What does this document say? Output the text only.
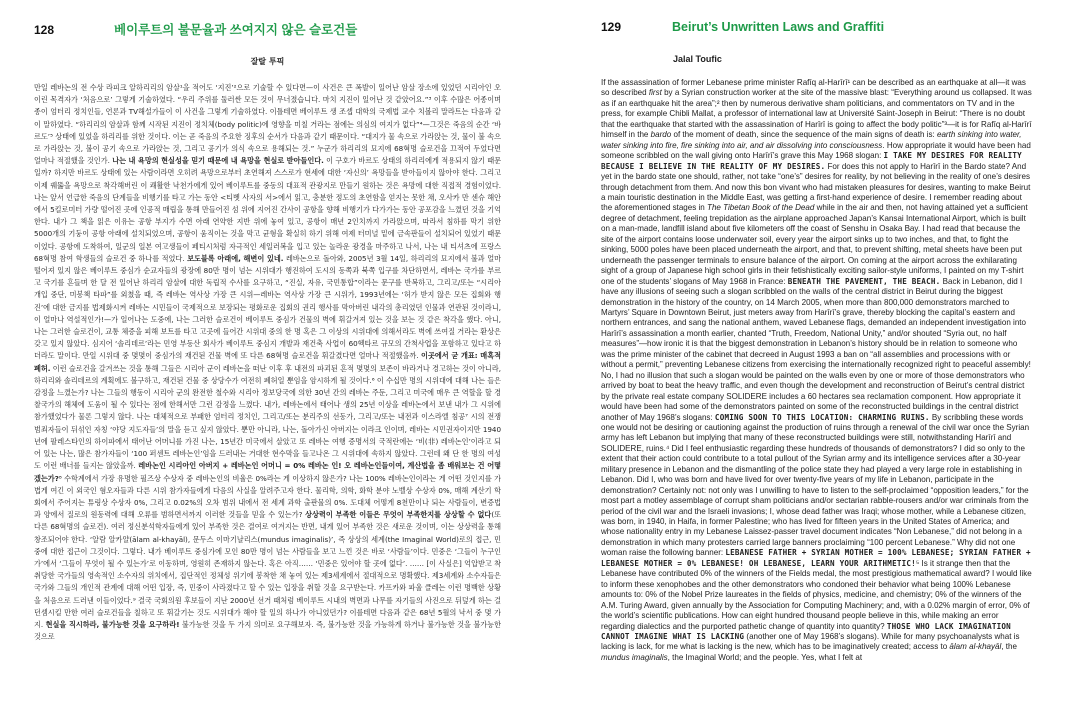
128	베이루트의 불문율과 쓰여지지 않은 슬로건들
잘랄 투픽
만일 레바논의 전 수상 라피크 알하리리의 암살¹을 적어도 ‘지진’²으로 기술할 수 있다면—이 사건은 큰 폭발이 일어난 암살 장소에 있었던 시리아인 오이린 목격자가 ‘처음으로’ 그렇게 기술하였다. “우리 주위를 둘러싼 모든 것이 무너졌습니다. 마치 지진이 일어난 것 같았어요.”³ 이후 수많은 어종이며종이 엄터리 정치인들, 언론과 TV해설가들이 이 사건을 그렇게 기술하였다. 이틀테면 베이루트 생 조셉 대학의 국제법 교수 치볼리 말라트는 다음과 같이 말하였다. “하리리의 암살과 함께 시작된 지진이 정치체(body politic)에 영향을 미칠 거라는 점에는 의심의 여지가 없다”⁴—그것은 죽음의 순간 ‘바르도’⁵ 상태에 있었을 하리리를 위한 것이다. 이는 곧 죽음의 주요한 징후의 순서가 다음과 같기 때문이다. “대지가 물 속으로 가라앉는 것, 물이 불 속으로 가라앉는 것, 불이 공기 속으로 가라앉는 것, 그리고 공기가 의식 속으로 용해되는 것.” 누군가 하리리의 묘지에 68혁명 슬로건을 끄적여 두었다면 얼마나 적절했을 것인가. 나는 내 욕망의 현실성을 믿기 때문에 내 욕망을 현실로 받아들인다. 이 구호가 바르도 상태의 하리리에게 적용되지 않기 때문일까? 하지만 바르도 상태에 있는 사람이라면 오히려 욕망으로부터 초연해져 스스로가 현세에 대한 ‘자신의’ 욕망들을 받아들이지 않아야 한다. 그리고 이제 꿰뚫을 욕망으로 착각해버린 이 쾌활한 낙천가에게 있어 베이루트를 중동의 대표적 관광지로 만들기 원하는 것은 욕망에 대한 직접적 경험이었다. 나는 앞서 언급한 죽음의 단계들을 비행기를 타고 가는 동안 <티벳 사자의 서>에서 읽고, 충분한 정도의 초연함을 얻지는 못한 채, 오사카 만 센슈 해안에서 5킬로미터 가량 떨어진 곳에 인공적 매립을 통해 만들어진 섬 위에 지어진 간사이 공항을 향해 비행기가 다가가는 동안 공포감을 느꼈던 것을 기억한다. 내가 그 책을 읽은 이유는 공항 부지가 수면 아래 연약한 지반 위에 놓여 있고, 공항이 매년 2인치까지 가라앉으며, 따라서 침하를 막기 위한 5000개의 기둥이 공항 아래에 설치되었으며, 공항이 움직이는 것을 막고 균형을 확실히 하기 위해 여제 터미널 밑에 금속판들이 설치되어 있었기 때문이었다. 공항에 도착하여, 일군의 일본 여고생들이 페티시처럼 자극적인 세일러복을 입고 있는 놀라운 광경을 마주하고 나서, 나는 내 티셔츠에 프랑스 68혁명 참여 학생들의 슬로건 중 하나를 적었다. 보도블록 아래에, 해변이 있네. 레바논으로 돌아와, 2005년 3월 14일, 하리리의 묘지에서 불과 얼마 떨어져 있지 않은 베이루트 중심가 순교자들의 광장에 80만 명이 넘는 시위대가 행진하여 도시의 동쪽과 북쪽 입구를 차단하면서, 레바논 국가를 부르고 국기를 흔들며 한 달 전 일어난 하리리 암살에 대한 독립적 수사를 요구하고, “진실, 자유, 국민통합”이라는 문구를 반복하고, 그리고/또는 “시리아 개입 중단, 미봉책 타파”를 외쳤을 때, 즉 레바논 역사상 가장 큰 시위—레바논 역사상 가장 큰 시위가, 1993년에는 ‘허가 받지 않은 모든 집회와 행진’에 대한 금지를 법제화시켜 레바논 시민들이 국제적으로 보장되는 평화로운 집회의 권리 행사를 막아버린 내각의 총리였던 인물과 연관된 것이라니, 이 얼마나 역설적인가!—가 일어나는 도중에, 나는 그러한 슬로건이 베이루트 중심가 건물의 벽에 휘갈겨져 있는 것을 보는 것 같은 착각을 했다. 아니, 나는 그러한 슬로건이, 교통 체증을 피해 보트를 타고 고곳에 들어간 시위대 중의 한 명 혹은 그 이상의 시위대에 의해서라도 벽에 쓰여질 거라는 환상은 갖고 있지 않았다. 심지어 ‘솔리데르’라는 민영 부동산 회사가 베이루트 중심지 개발과 재건축 사업이 60헥타르 규모의 간척사업을 포함하고 있다고 하더라도 말이다. 만일 시위대 중 몇몇이 중심가의 재건된 건물 벽에 또 다른 68혁명 슬로건을 휘갈겼다면 얼마나 적절했을까. 이곳에서 굳 개표: 매혹적 폐허. 이런 슬로건을 갈겨쓰는 것을 통해 그들은 시리아 군이 레바논을 떠난 이후 후 내전의 파괴된 흔적 몇몇의 보존이 바라거나 경고하는 것이 아니라, 하리리와 솔리데르의 계획에도 불구하고, 재건된 건물 중 상당수가 여전히 폐허일 뿐임을 암시하게 될 것이다.⁶ 이 수십만 명의 시위대에 대해 나는 들은 감정을 느꼈는가? 나는 그들의 행동이 시리아 군의 완전한 철수와 시리아 정보당국에 의한 30년 간의 레바논 주둔, 그리고 미국에 매우 큰 역할을 할 경찰국가의 해체에 도움이 될 수 있다는 점에 한해서만 그런 감정을 느꼈다. 내가, 레바논에서 태어나 생의 25년 이상을 레바논에서 보낸 내가 그 시위에 참가했었다가 물론 그렇지 않다. 나는 대체적으로 부패한 엄터리 정치인, 그리고/또는 분리주의 선동가, 그리고/또는 내전과 이스라엘 침공⁷ 시의 전쟁 범죄자들이 뒤섞인 자칭 ‘야당 지도자들’의 말을 듣고 싶지 않았다. 뿐만 아니라, 나는, 돌아가신 아버지는 이라크 인이며, 레바논 시민권자이지만 1940년에 팔레스타인의 하이파에서 태어난 어머니를 가진 나는, 15년간 미국에서 살았고 또 레바논 여행 증명서의 국적란에는 ‘비(非) 레바논인’이라고 되어 있는 나는, 많은 참가자들이 ‘100 퍼센트 레바논인’임을 드러내는 거대한 현수막을 들고나온 그 시위대에 속하지 않았다. 그런데 왜 단 한 명의 여성도 이런 배너를 들지는 않았을까. 레바논인 시리아인 아버지 + 레바논인 어머니 = 0% 레바논 인! 오 레바논인들이여, 계산법을 좀 배워보는 건 어떻겠는가?⁸ 수학계에서 가장 유명한 필즈상 수상자 중 레바논인의 비율은 0%라는 게 이상하지 않은가? 나는 100% 레바논인이라는 게 어떤 것인지를 가볍게 여긴 이 외국인 혐오자들과 다른 시위 참가자들에게 다음의 사실을 알려주고자 한다. 물리학, 의학, 화학 분야 노벨상 수상자 0%, 매해 계산기 학회에서 주어지는 튜링상 수상자 0%, 그리고 0.02%의 오차 범위 내에서 전 세계 과학 출판물의 0%. 도대체 어떻게 8천만이나 되는 사람들이, 변증법과 양에서 질로의 원동력에 대해 오류를 범하면서까지 이러한 것들을 믿을 수 있는가? 상상력이 부족한 이들은 무엇이 부족한지를 상상할 수 없다(또 다른 68혁명의 슬로건). 여러 정신분석학자들에게 있어 부족한 것은 결여로 여겨지는 반면, 내게 있어 부족한 것은 새로운 것이며, 이는 상상력을 통해 창조되어야 한다. ‘알람 알카얄(ālam al-khayāl), 문두스 이마기날리스(mundus imaginalis)’, 즉 상상의 세계(the Imaginal World)로의 접근, 민중에 대한 접근이 그것이다. 그렇다. 내가 베이루트 중심가에 모인 80만 명이 넘는 사람들을 보고 느낀 것은 바로 ‘사람들’이다. 민중은 ‘그들이 누구인가’에서 ‘그들이 무엇이 될 수 있는가’로 이동하며, 영원히 존재하지 않는다. 혹은 아직…… ‘민중은 있어야 할 곳에 없다’. …… [이 사실은] 억압받고 착취당한 국가들의 영속적인 소수자의 위치에서, 집단적인 정체성 위기에 봉착한 채 놓여 있는 제3세계에서 절대적으로 명확했다. 제3세계와 소수자들은 국가와 그들의 개인적 관계에 대해 어떤 입장, 즉, 민중이 사라졌다고 할 수 있는 입장을 취할 것을 요구받는다. 카프카와 파울 클레는 이런 명백한 상황을 처음으로 드러낸 이들이었다.⁹ 결국 국회의원 후보들이 지난 2000년 선거 때처럼 베이루트 시내의 벽면과 나무를 자기들의 사진으로 뒤덮게 하는 걸 던셈시킬 만한 여러 슬로건들을 칠하고 또 휘갈기는 것도 시위대가 해야 할 일의 하나가 아니었던가? 이를테면 다음과 같은 68년 5월의 낙서 중 몇 가지. 현실을 직시하라, 불가능한 것을 요구하라! 불가능한 것을 두 가지 의미로 요구해보자. 즉, 불가능한 것을 가능하게 하거나 불가능한 것을 불가능한 것으로
129	Beirut’s Unwritten Laws and Graffiti
Jalal Toufic
If the assassination of former Lebanese prime minister Rafīq al-Harīrī¹ can be described as an earthquake at all—it was so described first by a Syrian construction worker at the site of the massive blast: “Everything around us collapsed. It was as if an earthquake hit the area”;² then by numerous derivative sham politicians, and commentators on TV and in the press, for example Chibli Mallat, a professor of international law at Université Saint-Joseph in Beirut: “There is no doubt that the earthquake that started with the assassination of Harīrī is going to affect the body politic”³—it is for Rafīq al-Harīrī himself in the bardo of the moment of death, since the sequence of the main signs of death is: earth sinking into water, water sinking into fire, fire sinking into air, and air dissolving into consciousness. How appropriate it would have been had someone scribbled on the wall giving onto Harīrī’s grave this May 1968 slogan: I TAKE MY DESIRES FOR REALITY BECAUSE I BELIEVE IN THE REALITY OF MY DESIRES. For does this not apply to Harīrī in the Bardo state? And yet in the bardo state one should, rather, not take “one’s” desires for reality, by not believing in the reality of one’s desires through detachment from them. And now this bon vivant who had mistaken pleasures for desires, wanting to make Beirut a main touristic destination in the Middle East, was getting a first-hand experience of desire. I remember reading about the aforementioned stages in The Tibetan Book of the Dead while in the air and then, not having attained yet a sufficient degree of detachment, feeling trepidation as the airplane approached Japan’s Kansai International Airport, which is built on a man-made, landfill island about five kilometers off the coast of Senshu in Osaka Bay. I had read that because the site of the airport contains loose underwater soil, every year the airport sinks up to two inches, and that, to fight the sinking, 5000 poles have been placed underneath the airport, and that, to prevent shifting, metal sheets have been put underneath the passenger terminals to ensure balance of the airport. On coming at the airport across the exhilarating sight of a group of Japanese high school girls in their fetishistically exciting sailor-style uniforms, I painted on my T-shirt one of the students’ slogans of May 1968 in France: BENEATH THE PAVEMENT, THE BEACH. Back in Lebanon, did I have any illusions of seeing such a slogan scribbled on the walls of the central district in Beirut during the biggest demonstration in the history of the country, on 14 March 2005, when more than 800,000 demonstrators marched to Martyrs’ Square in Downtown Beirut, just meters away from Harīrī’s grave, thereby blocking the capital’s eastern and northern entrances, and sang the national anthem, waved Lebanese flags, demanded an independent investigation into Harīrī’s assassination a month earlier, chanted “Truth, Freedom, National Unity,” and/or shouted “Syria out, no half measures”—how ironic it is that the biggest demonstration in Lebanon’s history should be in relation to someone who was the prime minister of the cabinet that decreed in August 1993 a ban on “all assemblies and processions with or without a permit,” preventing Lebanese citizens from exercising the internationally recognized right to peaceful assembly! No, I had no illusion that such a slogan would be painted on the walls even by one or more of those demonstrators who arrived by boat to beat the heavy traffic, and even though the development and reconstruction of Beirut’s central district by the private real estate company SOLIDERE includes a 60 hectares sea reclamation component. How appropriate it would have been had some of the demonstrators painted on some of the reconstructed buildings in the central district another of May 1968’s slogans: COMING SOON TO THIS LOCATION: CHARMING RUINS. By scribbling these words one would not be desiring or cautioning against the production of ruins through a renewal of the civil war once the Syrian army has left Lebanon but implying that many of these reconstructed buildings were still, notwithstanding Harīrī and SOLIDERE, ruins.⁴ Did I feel enthusiastic regarding these hundreds of thousands of demonstrators? I did so only to the extent that their action could contribute to a total pullout of the Syrian army and its intelligence services after a 30-year military presence in Lebanon and the dismantling of the police state they had played a very large role in establishing in Lebanon. Did I, who was born and have lived for over twenty-five years of my life in Lebanon, participate in the demonstration? Certainly not: not only was I unwilling to have to listen to the self-proclaimed “opposition leaders,” for the most part a motley assemblage of corrupt sham politicians and/or sectarian rabble-rousers and/or war criminals from the period of the civil war and the Israeli invasions; I, whose dead father was Iraqi; whose mother, while a Lebanese citizen, was born, in 1940, in Haifa, in former Palestine; who has lived for fifteen years in the United States of America; and whose nationality entry in my Lebanese Laissez-passer travel document indicates “Non Lebanese,” did not belong in a demonstration in which many protesters carried large banners proclaiming “100 percent Lebanese.” Why did not one woman raise the following banner: LEBANESE FATHER + SYRIAN MOTHER = 100% LEBANESE; SYRIAN FATHER + LEBANESE MOTHER = 0% LEBANESE! OH LEBANESE, LEARN YOUR ARITHMETIC!⁵ Is it strange then that the Lebanese have contributed 0% of the winners of the Fields medal, the most prestigious mathematical award? I would like to inform these xenophobes and the other demonstrators who condoned their behavior what being 100% Lebanese amounts to: 0% of the Nobel Prize laureates in the fields of physics, medicine, and chemistry; 0% of the winners of the A.M. Turing Award, given annually by the Association for Computing Machinery; and, with a 0.02% margin of error, 0% of the world’s scientific publications. How can eight hundred thousand people believe in this, while making an error regarding dialectics and the purported pathetic change of quantity into quantity? THOSE WHO LACK IMAGINATION CANNOT IMAGINE WHAT IS LACKING (another one of May 1968’s slogans). While for many psychoanalysts what is lacking is lack, for me what is lacking is the new, which has to be imaginatively created; access to ālam al-khayāl, the mundus imaginalis, the Imaginal World; and the people. Yes, what I felt at
